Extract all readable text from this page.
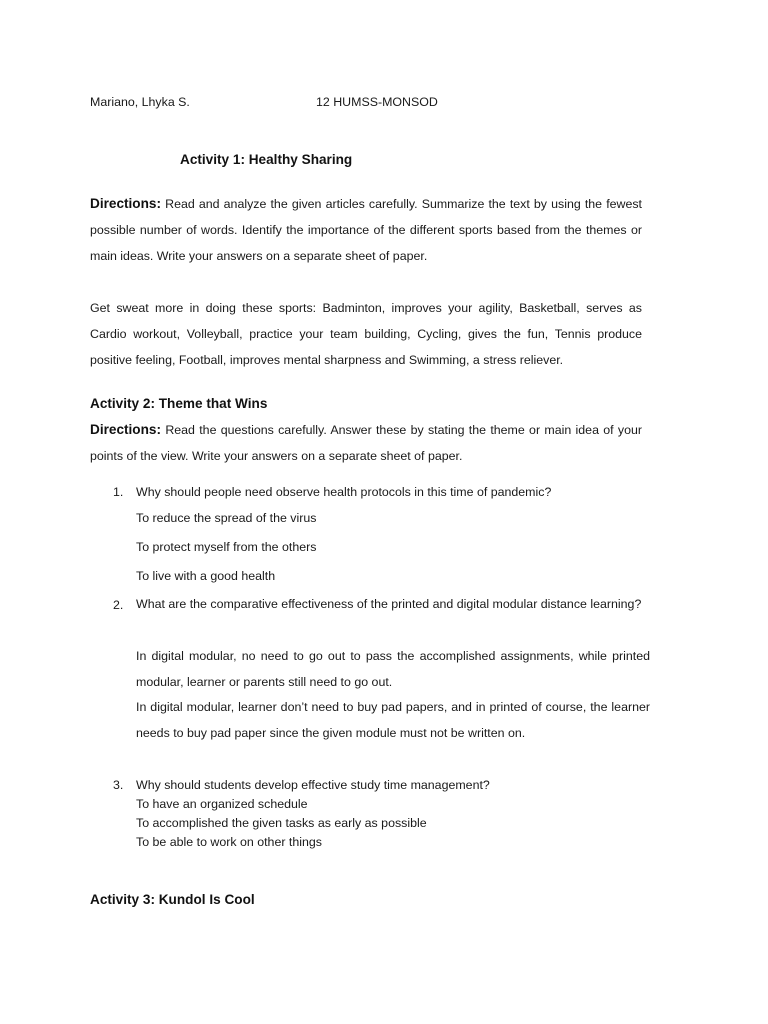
Mariano, Lhyka S.	12 HUMSS-MONSOD
Activity 1: Healthy Sharing
Directions: Read and analyze the given articles carefully. Summarize the text by using the fewest possible number of words. Identify the importance of the different sports based from the themes or main ideas. Write your answers on a separate sheet of paper.
Get sweat more in doing these sports: Badminton, improves your agility, Basketball, serves as Cardio workout, Volleyball, practice your team building, Cycling, gives the fun, Tennis produce positive feeling, Football, improves mental sharpness and Swimming, a stress reliever.
Activity 2: Theme that Wins
Directions: Read the questions carefully. Answer these by stating the theme or main idea of your points of the view. Write your answers on a separate sheet of paper.
1. Why should people need observe health protocols in this time of pandemic?
To reduce the spread of the virus
To protect myself from the others
To live with a good health
2. What are the comparative effectiveness of the printed and digital modular distance learning?
In digital modular, no need to go out to pass the accomplished assignments, while printed modular, learner or parents still need to go out.
In digital modular, learner don’t need to buy pad papers, and in printed of course, the learner needs to buy pad paper since the given module must not be written on.
3. Why should students develop effective study time management?
To have an organized schedule
To accomplished the given tasks as early as possible
To be able to work on other things
Activity 3: Kundol Is Cool
